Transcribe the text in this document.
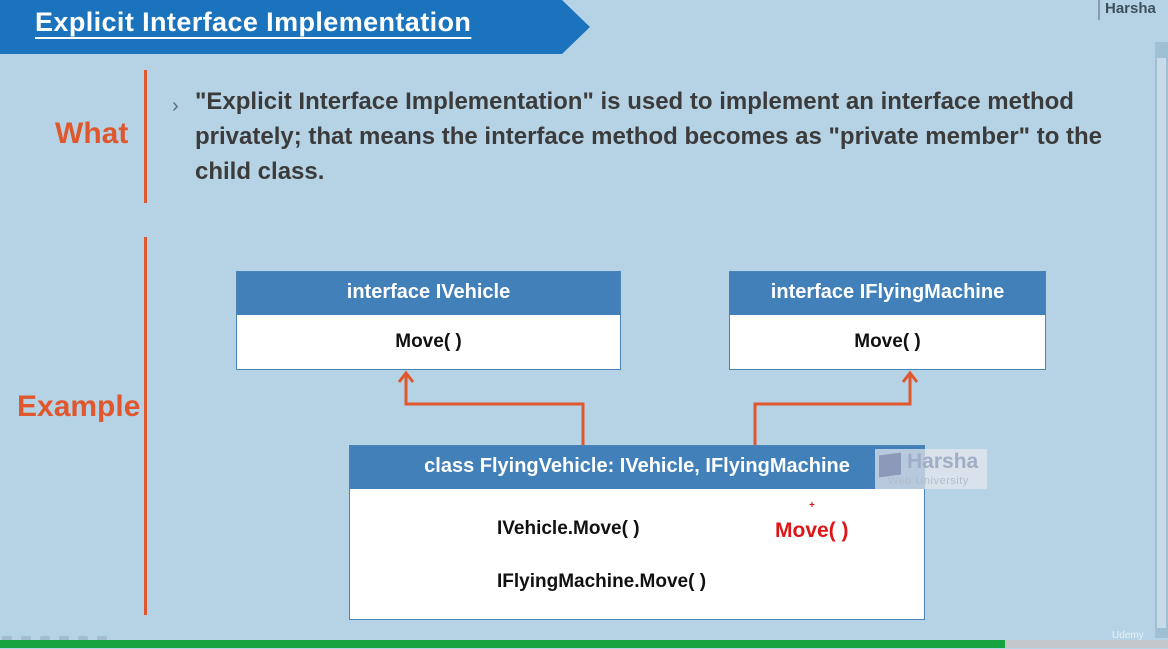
Explicit Interface Implementation	Harsha
What
Example
› "Explicit Interface Implementation" is used to implement an interface method privately; that means the interface method becomes as "private member" to the child class.
interface IVehicle
Move( )
interface IFlyingMachine
Move( )
class FlyingVehicle: IVehicle, IFlyingMachine
IVehicle.Move( )
IFlyingMachine.Move( )
+
Move( )
Harsha
Web University
Udemy
